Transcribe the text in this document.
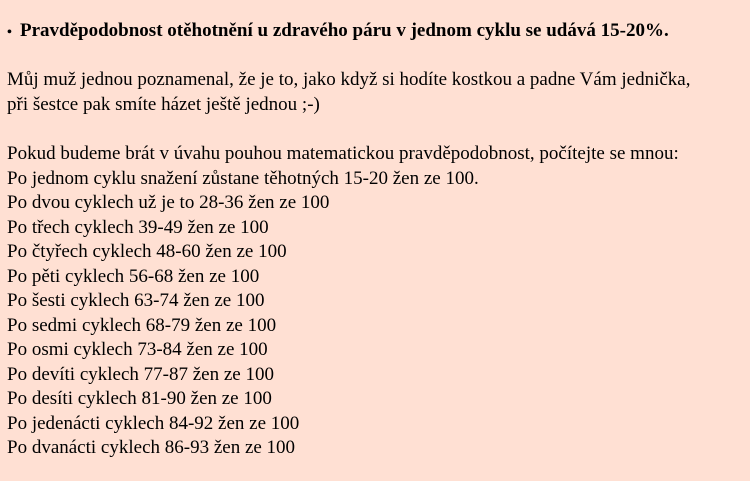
• Pravděpodobnost otěhotnění u zdravého páru v jednom cyklu se udává 15-20%.
Můj muž jednou poznamenal, že je to, jako když si hodíte kostkou a padne Vám jednička,
při šestce pak smíte házet ještě jednou ;-)
Pokud budeme brát v úvahu pouhou matematickou pravděpodobnost, počítejte se mnou:
Po jednom cyklu snažení zůstane těhotných 15-20 žen ze 100.
Po dvou cyklech už je to 28-36 žen ze 100
Po třech cyklech 39-49 žen ze 100
Po čtyřech cyklech 48-60 žen ze 100
Po pěti cyklech 56-68 žen ze 100
Po šesti cyklech 63-74 žen ze 100
Po sedmi cyklech 68-79 žen ze 100
Po osmi cyklech 73-84 žen ze 100
Po devíti cyklech 77-87 žen ze 100
Po desíti cyklech 81-90 žen ze 100
Po jedenácti cyklech 84-92 žen ze 100
Po dvanácti cyklech 86-93 žen ze 100
